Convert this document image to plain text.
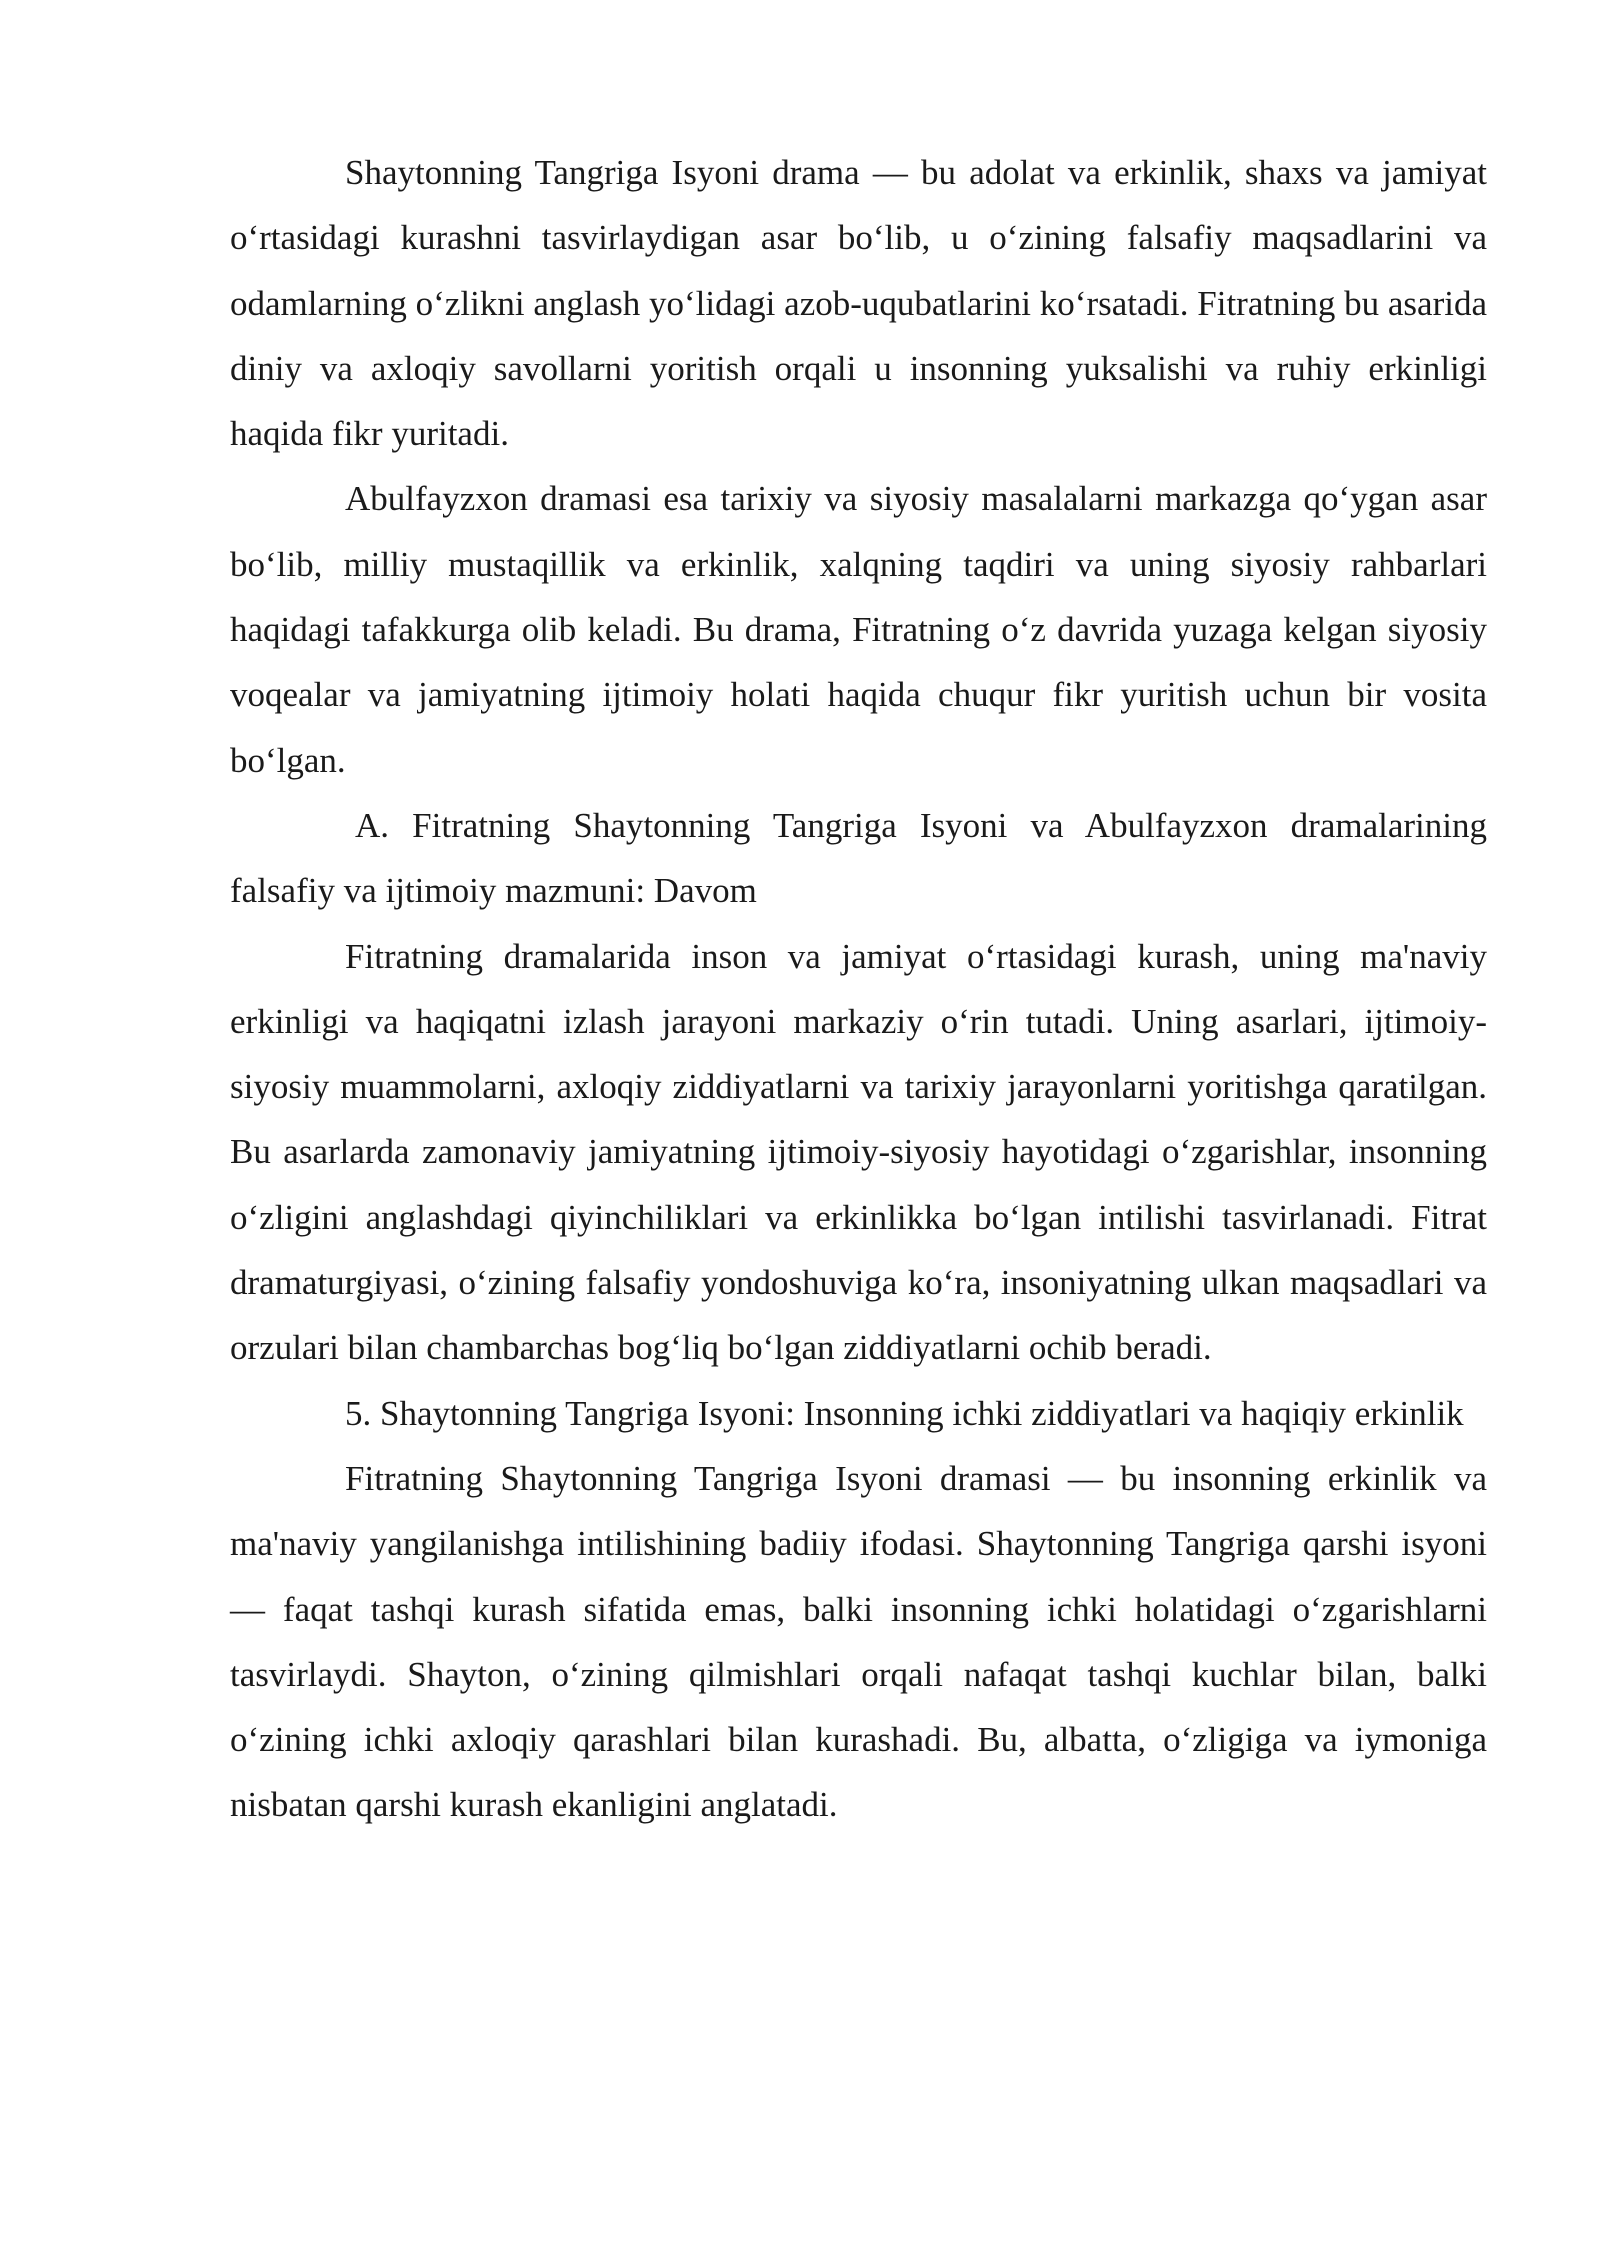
Shaytonning Tangriga Isyoni drama — bu adolat va erkinlik, shaxs va jamiyat o‘rtasidagi kurashni tasvirlaydigan asar bo‘lib, u o‘zining falsafiy maqsadlarini va odamlarning o‘zlikni anglash yo‘lidagi azob-uqubatlarini ko‘rsatadi. Fitratning bu asarida diniy va axloqiy savollarni yoritish orqali u insonning yuksalishi va ruhiy erkinligi haqida fikr yuritadi.

Abulfayzxon dramasi esa tarixiy va siyosiy masalalarni markazga qo‘ygan asar bo‘lib, milliy mustaqillik va erkinlik, xalqning taqdiri va uning siyosiy rahbarlari haqidagi tafakkurga olib keladi. Bu drama, Fitratning o‘z davrida yuzaga kelgan siyosiy voqealar va jamiyatning ijtimoiy holati haqida chuqur fikr yuritish uchun bir vosita bo‘lgan.

A. Fitratning Shaytonning Tangriga Isyoni va Abulfayzxon dramalarining falsafiy va ijtimoiy mazmuni: Davom

Fitratning dramalarida inson va jamiyat o‘rtasidagi kurash, uning ma'naviy erkinligi va haqiqatni izlash jarayoni markaziy o‘rin tutadi. Uning asarlari, ijtimoiy-siyosiy muammolarni, axloqiy ziddiyatlarni va tarixiy jarayonlarni yoritishga qaratilgan. Bu asarlarda zamonaviy jamiyatning ijtimoiy-siyosiy hayotidagi o‘zgarishlar, insonning o‘zligini anglashdagi qiyinchiliklari va erkinlikka bo‘lgan intilishi tasvirlanadi. Fitrat dramaturgiyasi, o‘zining falsafiy yondoshuviga ko‘ra, insoniyatning ulkan maqsadlari va orzulari bilan chambarchas bog‘liq bo‘lgan ziddiyatlarni ochib beradi.

5. Shaytonning Tangriga Isyoni: Insonning ichki ziddiyatlari va haqiqiy erkinlik

Fitratning Shaytonning Tangriga Isyoni dramasi — bu insonning erkinlik va ma'naviy yangilanishga intilishining badiiy ifodasi. Shaytonning Tangriga qarshi isyoni — faqat tashqi kurash sifatida emas, balki insonning ichki holatidagi o‘zgarishlarni tasvirlaydi. Shayton, o‘zining qilmishlari orqali nafaqat tashqi kuchlar bilan, balki o‘zining ichki axloqiy qarashlari bilan kurashadi. Bu, albatta, o‘zligiga va iymoniga nisbatan qarshi kurash ekanligini anglatadi.
